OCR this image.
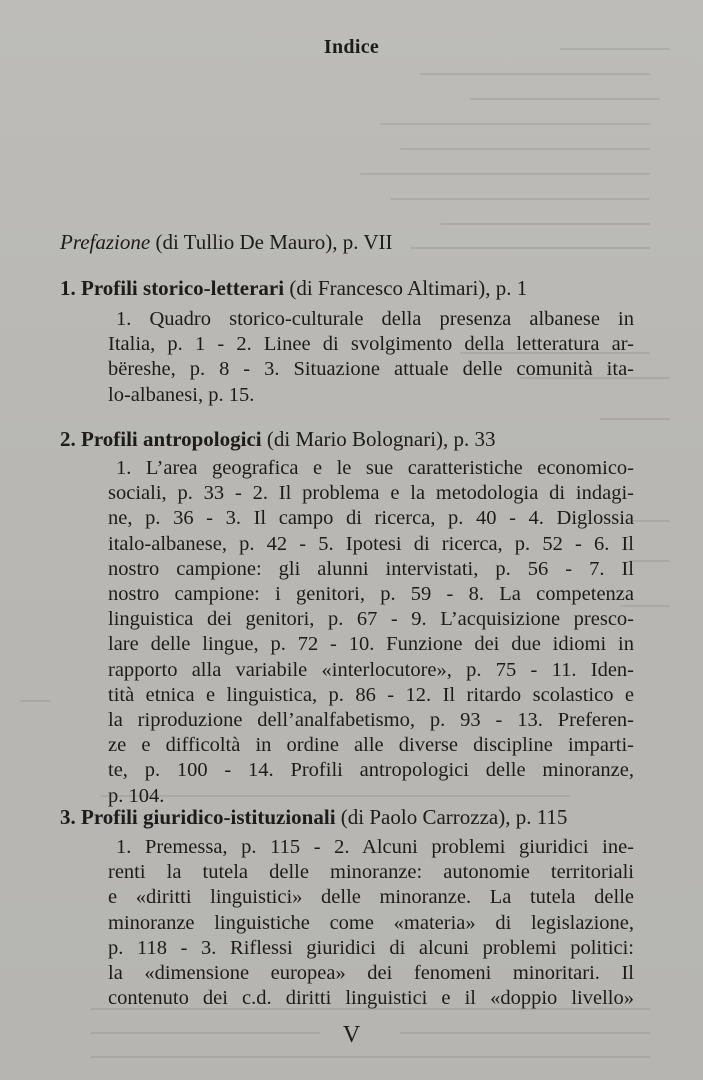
Indice
Prefazione (di Tullio De Mauro), p. VII
1. Profili storico-letterari (di Francesco Altimari), p. 1
1. Quadro storico-culturale della presenza albanese in
Italia, p. 1 - 2. Linee di svolgimento della letteratura ar-
bëreshe, p. 8 - 3. Situazione attuale delle comunità ita-
lo-albanesi, p. 15.
2. Profili antropologici (di Mario Bolognari), p. 33
1. L’area geografica e le sue caratteristiche economico-
sociali, p. 33 - 2. Il problema e la metodologia di indagi-
ne, p. 36 - 3. Il campo di ricerca, p. 40 - 4. Diglossia
italo-albanese, p. 42 - 5. Ipotesi di ricerca, p. 52 - 6. Il
nostro campione: gli alunni intervistati, p. 56 - 7. Il
nostro campione: i genitori, p. 59 - 8. La competenza
linguistica dei genitori, p. 67 - 9. L’acquisizione presco-
lare delle lingue, p. 72 - 10. Funzione dei due idiomi in
rapporto alla variabile «interlocutore», p. 75 - 11. Iden-
tità etnica e linguistica, p. 86 - 12. Il ritardo scolastico e
la riproduzione dell’analfabetismo, p. 93 - 13. Preferen-
ze e difficoltà in ordine alle diverse discipline imparti-
te, p. 100 - 14. Profili antropologici delle minoranze,
p. 104.
3. Profili giuridico-istituzionali (di Paolo Carrozza), p. 115
1. Premessa, p. 115 - 2. Alcuni problemi giuridici ine-
renti la tutela delle minoranze: autonomie territoriali
e «diritti linguistici» delle minoranze. La tutela delle
minoranze linguistiche come «materia» di legislazione,
p. 118 - 3. Riflessi giuridici di alcuni problemi politici:
la «dimensione europea» dei fenomeni minoritari. Il
contenuto dei c.d. diritti linguistici e il «doppio livello»
V
